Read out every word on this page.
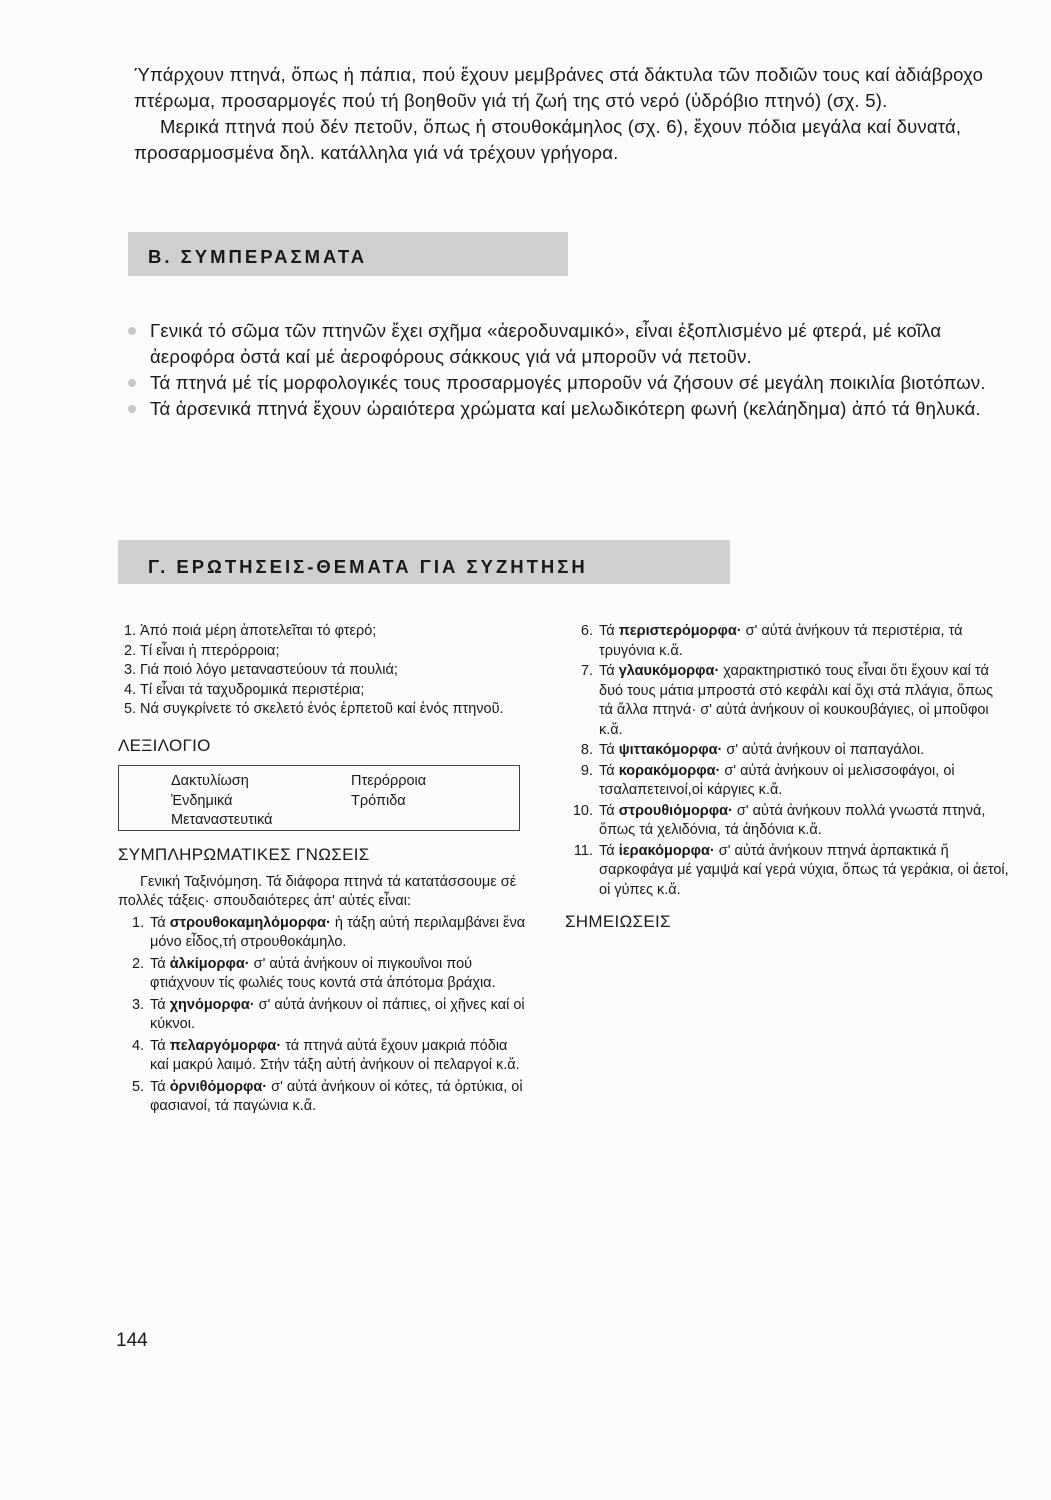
Ύπάρχουν πτηνά, ὅπως ἡ πάπια, πού ἔχουν μεμβράνες στά δάκτυλα τῶν ποδιῶν τους καί ἀδιάβροχο πτέρωμα, προσαρμογές πού τή βοηθοῦν γιά τή ζωή της στό νερό (ὑδρόβιο πτηνό) (σχ. 5).

Μερικά πτηνά πού δέν πετοῦν, ὅπως ἡ στουθοκάμηλος (σχ. 6), ἔχουν πόδια μεγάλα καί δυνατά, προσαρμοσμένα δηλ. κατάλληλα γιά νά τρέχουν γρήγορα.

Β. ΣΥΜΠΕΡΑΣΜΑΤΑ
Γενικά τό σῶμα τῶν πτηνῶν ἔχει σχῆμα «ἀεροδυναμικό», εἶναι ἐξοπλισμένο μέ φτερά, μέ κοῖλα ἀεροφόρα ὀστά καί μέ ἀεροφόρους σάκκους γιά νά μποροῦν νά πετοῦν.
Τά πτηνά μέ τίς μορφολογικές τους προσαρμογές μποροῦν νά ζήσουν σέ μεγάλη ποικιλία βιοτόπων.
Τά ἀρσενικά πτηνά ἔχουν ὡραιότερα χρώματα καί μελωδικότερη φωνή (κελάηδημα) ἀπό τά θηλυκά.
Γ. ΕΡΩΤΗΣΕΙΣ-ΘΕΜΑΤΑ ΓΙΑ ΣΥΖΗΤΗΣΗ
1. Ἀπό ποιά μέρη ἀποτελεῖται τό φτερό;
2. Τί εἶναι ἡ πτερόρροια;
3. Γιά ποιό λόγο μεταναστεύουν τά πουλιά;
4. Τί εἶναι τά ταχυδρομικά περιστέρια;
5. Νά συγκρίνετε τό σκελετό ἑνός ἑρπετοῦ καί ἑνός πτηνοῦ.
ΛΕΞΙΛΟΓΙΟ
Δακτυλίωση
Ἐνδημικά
Μεταναστευτικά
Πτερόρροια
Τρόπιδα
ΣΥΜΠΛΗΡΩΜΑΤΙΚΕΣ ΓΝΩΣΕΙΣ
Γενική Ταξινόμηση. Τά διάφορα πτηνά τά κατατάσσουμε σέ πολλές τάξεις· σπουδαιότερες ἀπ' αὐτές εἶναι:
1. Τά στρουθοκαμηλόμορφα· ἡ τάξη αὐτή περιλαμβάνει ἕνα μόνο εἶδος,τή στρουθοκάμηλο.
2. Τά ἀλκίμορφα· σ' αὐτά ἀνήκουν οἱ πιγκουΐνοι πού φτιάχνουν τίς φωλιές τους κοντά στά ἀπότομα βράχια.
3. Τά χηνόμορφα· σ' αὐτά ἀνήκουν οἱ πάπιες, οἱ χῆνες καί οἱ κύκνοι.
4. Τά πελαργόμορφα· τά πτηνά αὐτά ἔχουν μακριά πόδια καί μακρύ λαιμό. Στήν τάξη αὐτή ἀνήκουν οἱ πελαργοί κ.ἄ.
5. Τά ὀρνιθόμορφα· σ' αὐτά ἀνήκουν οἱ κότες, τά ὀρτύκια, οἱ φασιανοί, τά παγώνια κ.ἄ.
6. Τά περιστερόμορφα· σ' αὐτά ἀνήκουν τά περιστέρια, τά τρυγόνια κ.ἄ.
7. Τά γλαυκόμορφα· χαρακτηριστικό τους εἶναι ὅτι ἔχουν καί τά δυό τους μάτια μπροστά στό κεφάλι καί ὄχι στά πλάγια, ὅπως τά ἄλλα πτηνά· σ' αὐτά ἀνήκουν οἱ κουκουβάγιες, οἱ μποῦφοι κ.ἄ.
8. Τά ψιττακόμορφα· σ' αὐτά ἀνήκουν οἱ παπαγάλοι.
9. Τά κορακόμορφα· σ' αὐτά ἀνήκουν οἱ μελισσοφάγοι, οἱ τσαλαπετεινοί,οἱ κάργιες κ.ἄ.
10. Τά στρουθιόμορφα· σ' αὐτά ἀνήκουν πολλά γνωστά πτηνά, ὅπως τά χελιδόνια, τά ἀηδόνια κ.ἄ.
11. Τά ἱερακόμορφα· σ' αὐτά ἀνήκουν πτηνά ἁρπακτικά ἤ σαρκοφάγα μέ γαμψά καί γερά νύχια, ὅπως τά γεράκια, οἱ ἀετοί, οἱ γύπες κ.ἄ.
ΣΗΜΕΙΩΣΕΙΣ
144
